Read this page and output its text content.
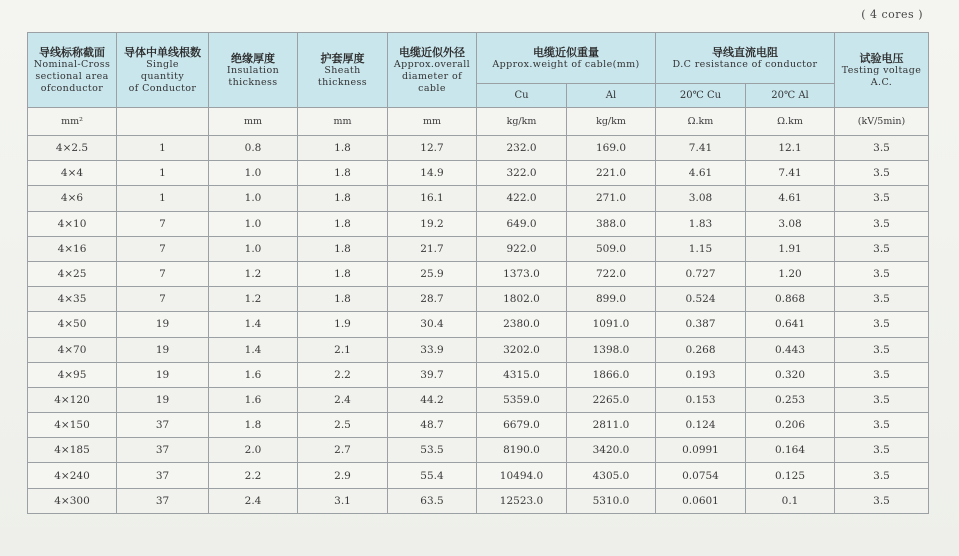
( 4 cores )
导线标称截面
Nominal-Cross
sectional area
ofconductor	导体中单线根数
Single
quantity
of Conductor	绝缘厚度
Insulation
thickness	护套厚度
Sheath
thickness	电缆近似外径
Approx.overall
diameter of
cable	电缆近似重量
Approx.weight of cable(mm)		导线直流电阻
D.C resistance of conductor		试验电压
Testing voltage
A.C.

					Cu	Al	20℃ Cu	20℃ Al	
mm²		mm	mm	mm	kg/km	kg/km	Ω.km	Ω.km	(kV/5min)
4×2.5	1	0.8	1.8	12.7	232.0	169.0	7.41	12.1	3.5
4×4	1	1.0	1.8	14.9	322.0	221.0	4.61	7.41	3.5
4×6	1	1.0	1.8	16.1	422.0	271.0	3.08	4.61	3.5
4×10	7	1.0	1.8	19.2	649.0	388.0	1.83	3.08	3.5
4×16	7	1.0	1.8	21.7	922.0	509.0	1.15	1.91	3.5
4×25	7	1.2	1.8	25.9	1373.0	722.0	0.727	1.20	3.5
4×35	7	1.2	1.8	28.7	1802.0	899.0	0.524	0.868	3.5
4×50	19	1.4	1.9	30.4	2380.0	1091.0	0.387	0.641	3.5
4×70	19	1.4	2.1	33.9	3202.0	1398.0	0.268	0.443	3.5
4×95	19	1.6	2.2	39.7	4315.0	1866.0	0.193	0.320	3.5
4×120	19	1.6	2.4	44.2	5359.0	2265.0	0.153	0.253	3.5
4×150	37	1.8	2.5	48.7	6679.0	2811.0	0.124	0.206	3.5
4×185	37	2.0	2.7	53.5	8190.0	3420.0	0.0991	0.164	3.5
4×240	37	2.2	2.9	55.4	10494.0	4305.0	0.0754	0.125	3.5
4×300	37	2.4	3.1	63.5	12523.0	5310.0	0.0601	0.1	3.5
